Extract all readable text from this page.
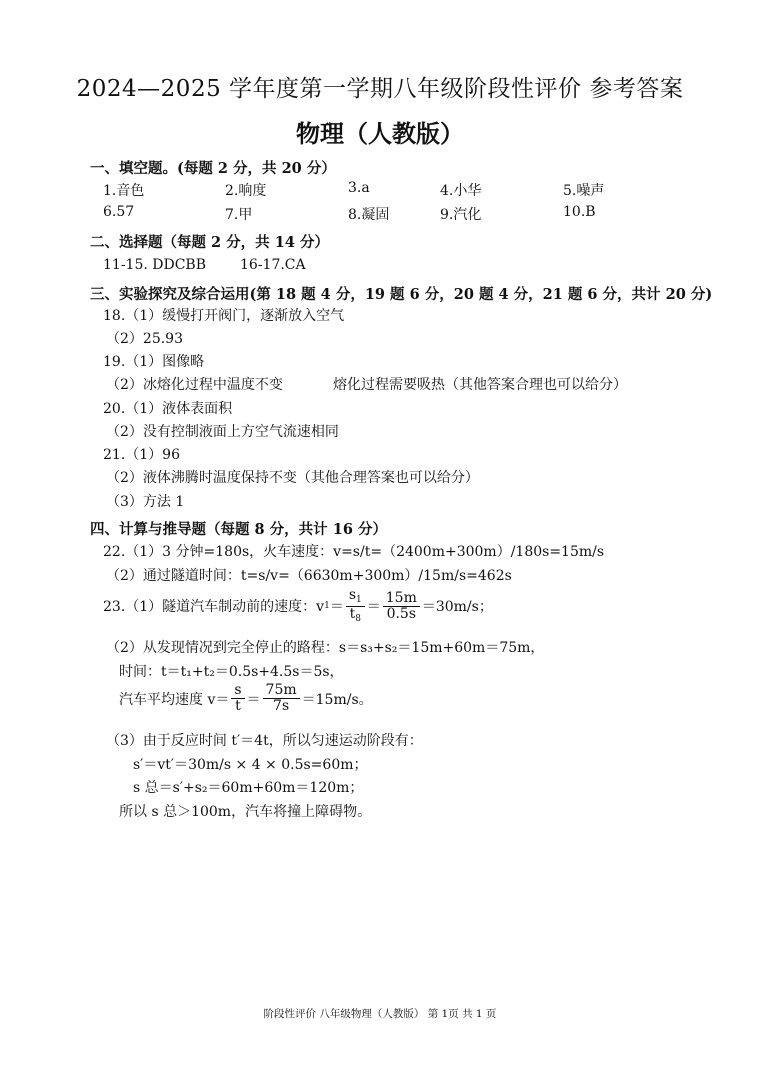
2024—2025 学年度第一学期八年级阶段性评价 参考答案
物理（人教版）
一、填空题。(每题 2 分，共 20 分）
1.音色	2.响度	3.a	4.小华	5.噪声
6.57	7.甲	8.凝固	9.汽化	10.B
二、选择题（每题 2 分，共 14 分）
11-15. DDCBB 16-17.CA
三、实验探究及综合运用(第 18 题 4 分，19 题 6 分，20 题 4 分，21 题 6 分，共计 20 分)
18.（1）缓慢打开阀门，逐渐放入空气
（2）25.93
19.（1）图像略
（2）冰熔化过程中温度不变	熔化过程需要吸热（其他答案合理也可以给分）
20.（1）液体表面积
（2）没有控制液面上方空气流速相同
21.（1）96
（2）液体沸腾时温度保持不变（其他合理答案也可以给分）
（3）方法 1
四、计算与推导题（每题 8 分，共计 16 分）
22.（1）3 分钟=180s，火车速度：v=s/t=（2400m+300m）/180s=15m/s
（2）通过隧道时间：t=s/v=（6630m+300m）/15m/s=462s
23.（1）隧道汽车制动前的速度：v $1 = \frac{s_1}{t_8} = \frac{15m}{0.5s} =30m/s$；
（2）从发现情况到完全停止的路程：s＝s₃+s₂＝15m+60m＝75m，
时间：t＝t₁+t₂＝0.5s+4.5s＝5s，
汽车平均速度 $v= \frac{s}{t} = \frac{75m}{7s} =15m/s$。
（3）由于反应时间 t′＝4t，所以匀速运动阶段有：
s′＝vt′＝30m/s × 4 × 0.5s=60m；
s 总＝s′+s₂＝60m+60m＝120m；
所以 s 总＞100m，汽车将撞上障碍物。
阶段性评价 八年级物理（人教版） 第 1页 共 1 页
